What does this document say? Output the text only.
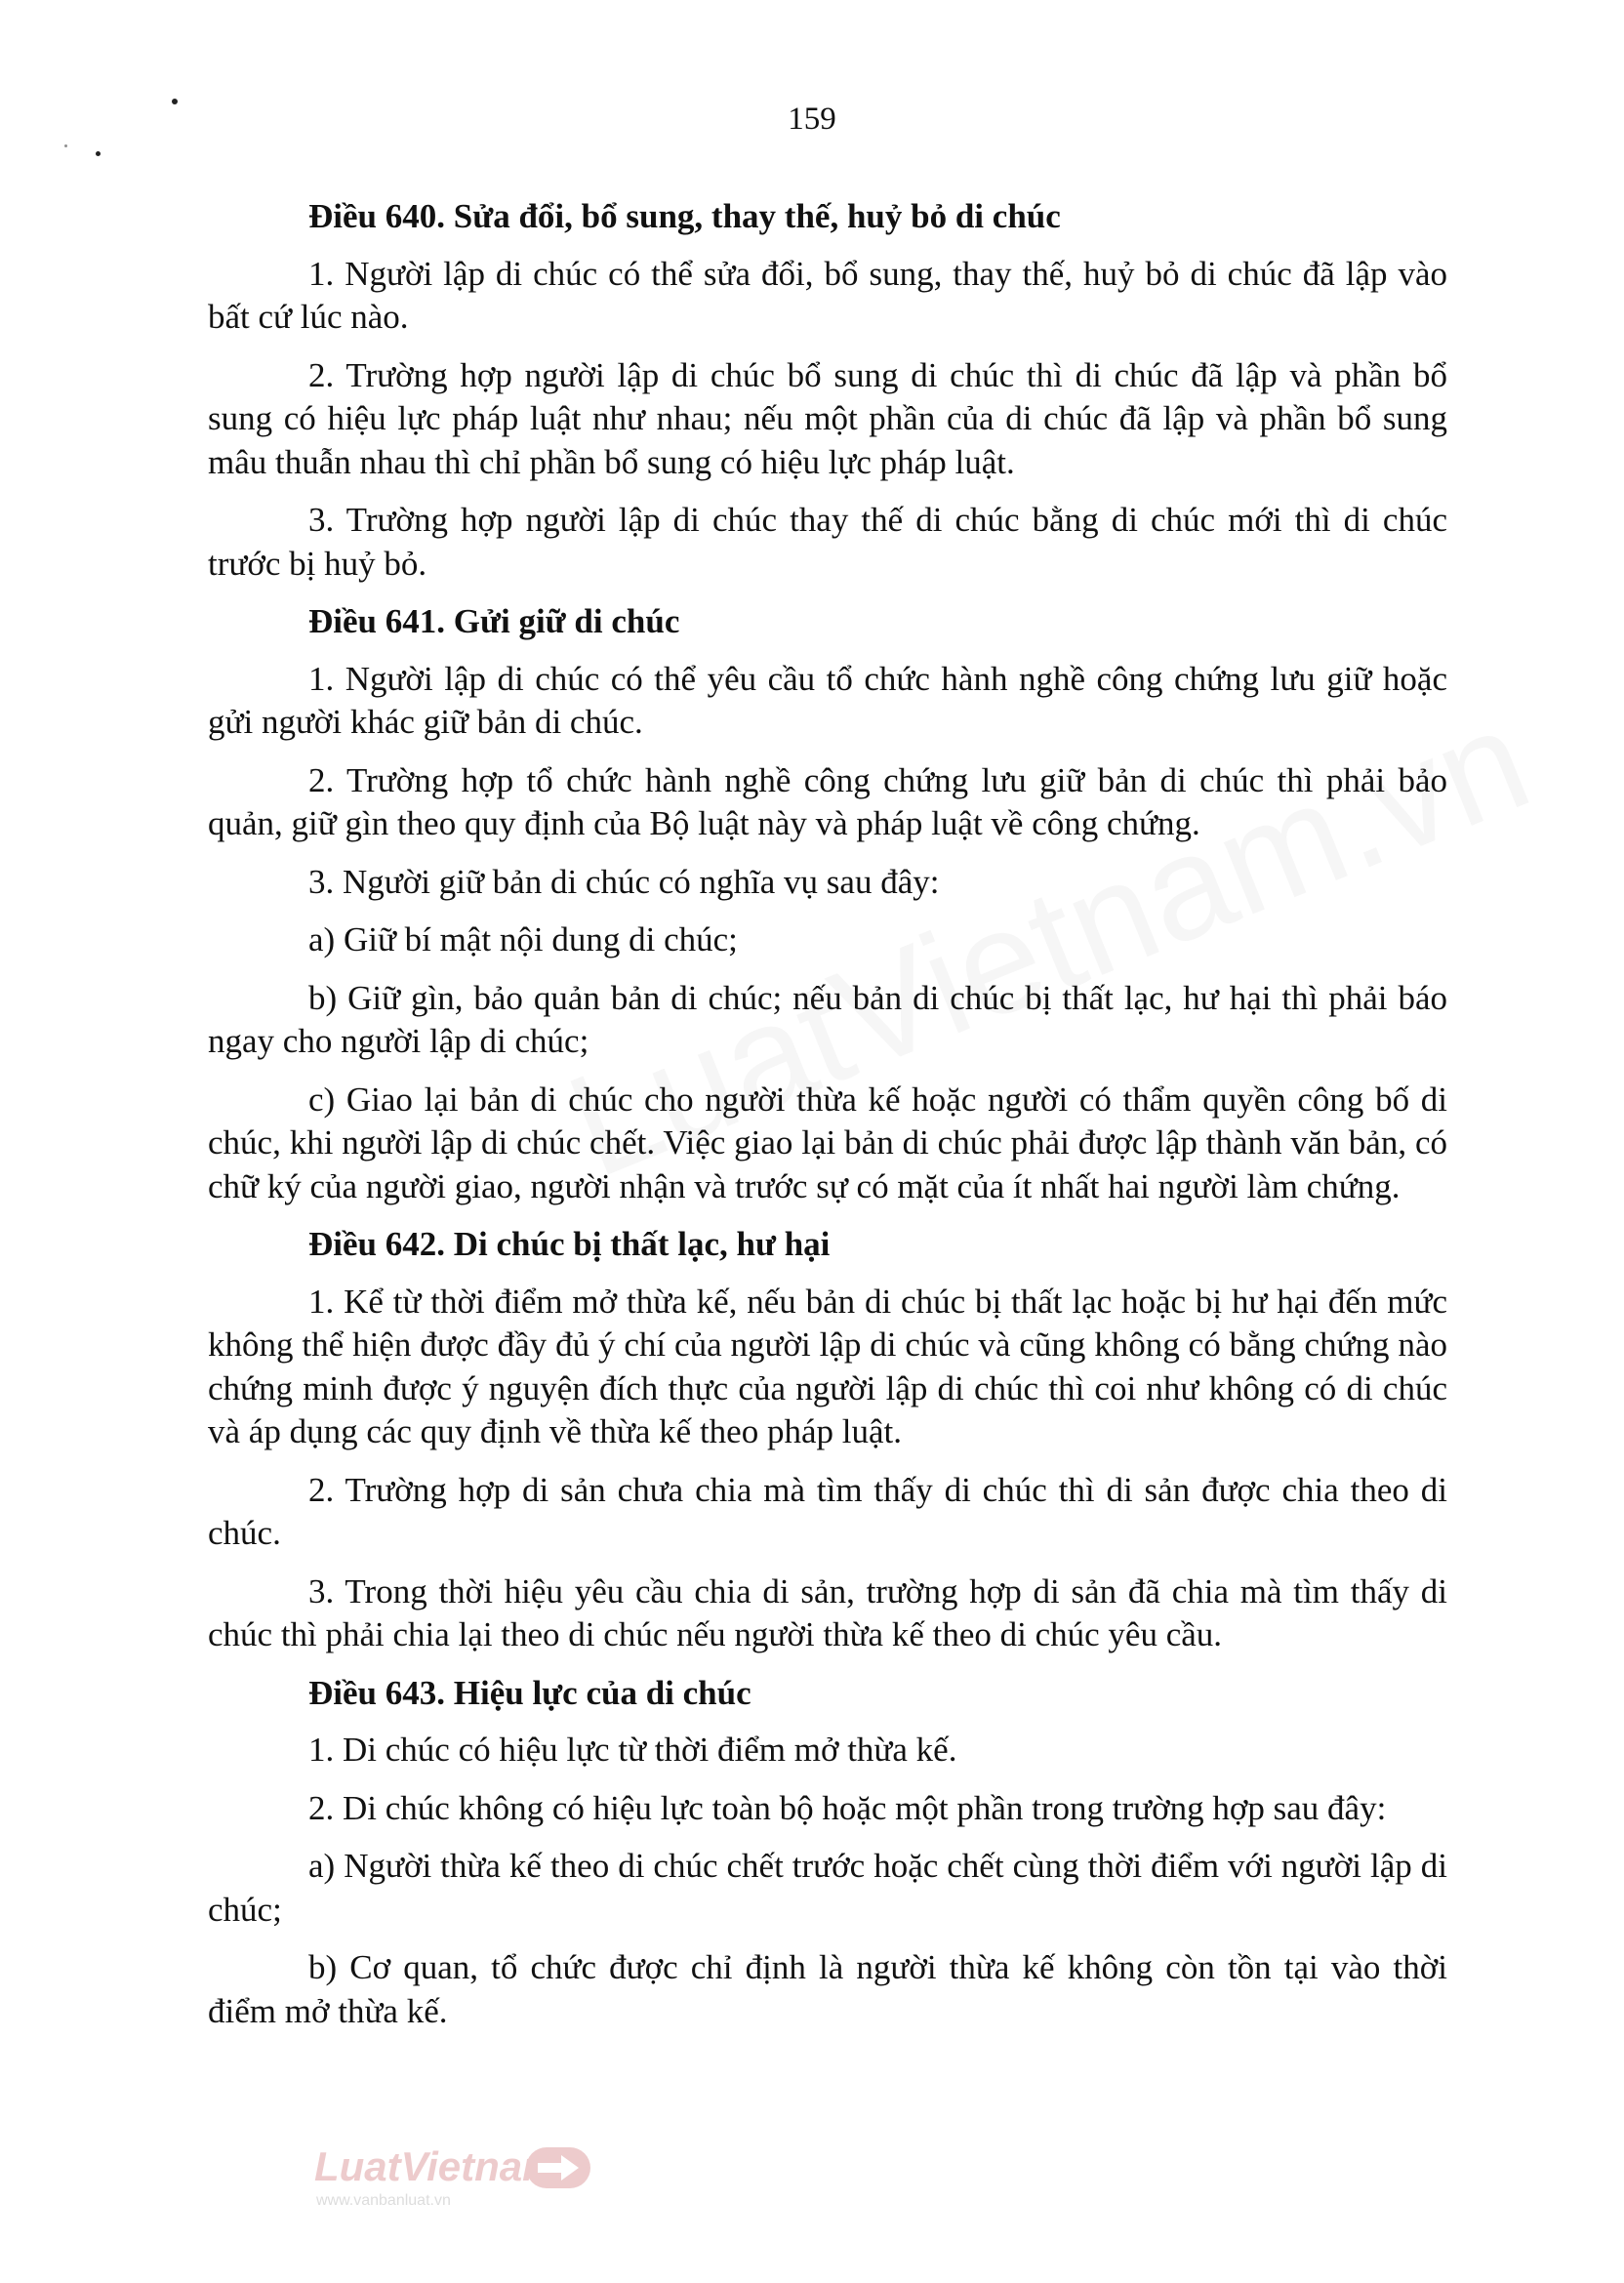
159

Điều 640. Sửa đổi, bổ sung, thay thế, huỷ bỏ di chúc

1. Người lập di chúc có thể sửa đổi, bổ sung, thay thế, huỷ bỏ di chúc đã lập vào bất cứ lúc nào.

2. Trường hợp người lập di chúc bổ sung di chúc thì di chúc đã lập và phần bổ sung có hiệu lực pháp luật như nhau; nếu một phần của di chúc đã lập và phần bổ sung mâu thuẫn nhau thì chỉ phần bổ sung có hiệu lực pháp luật.

3. Trường hợp người lập di chúc thay thế di chúc bằng di chúc mới thì di chúc trước bị huỷ bỏ.

Điều 641. Gửi giữ di chúc

1. Người lập di chúc có thể yêu cầu tổ chức hành nghề công chứng lưu giữ hoặc gửi người khác giữ bản di chúc.

2. Trường hợp tổ chức hành nghề công chứng lưu giữ bản di chúc thì phải bảo quản, giữ gìn theo quy định của Bộ luật này và pháp luật về công chứng.

3. Người giữ bản di chúc có nghĩa vụ sau đây:

a) Giữ bí mật nội dung di chúc;

b) Giữ gìn, bảo quản bản di chúc; nếu bản di chúc bị thất lạc, hư hại thì phải báo ngay cho người lập di chúc;

c) Giao lại bản di chúc cho người thừa kế hoặc người có thẩm quyền công bố di chúc, khi người lập di chúc chết. Việc giao lại bản di chúc phải được lập thành văn bản, có chữ ký của người giao, người nhận và trước sự có mặt của ít nhất hai người làm chứng.

Điều 642. Di chúc bị thất lạc, hư hại

1. Kể từ thời điểm mở thừa kế, nếu bản di chúc bị thất lạc hoặc bị hư hại đến mức không thể hiện được đầy đủ ý chí của người lập di chúc và cũng không có bằng chứng nào chứng minh được ý nguyện đích thực của người lập di chúc thì coi như không có di chúc và áp dụng các quy định về thừa kế theo pháp luật.

2. Trường hợp di sản chưa chia mà tìm thấy di chúc thì di sản được chia theo di chúc.

3. Trong thời hiệu yêu cầu chia di sản, trường hợp di sản đã chia mà tìm thấy di chúc thì phải chia lại theo di chúc nếu người thừa kế theo di chúc yêu cầu.

Điều 643. Hiệu lực của di chúc

1. Di chúc có hiệu lực từ thời điểm mở thừa kế.

2. Di chúc không có hiệu lực toàn bộ hoặc một phần trong trường hợp sau đây:

a) Người thừa kế theo di chúc chết trước hoặc chết cùng thời điểm với người lập di chúc;

b) Cơ quan, tổ chức được chỉ định là người thừa kế không còn tồn tại vào thời điểm mở thừa kế.

LuatVietnam
www.vanbanluat.vn
